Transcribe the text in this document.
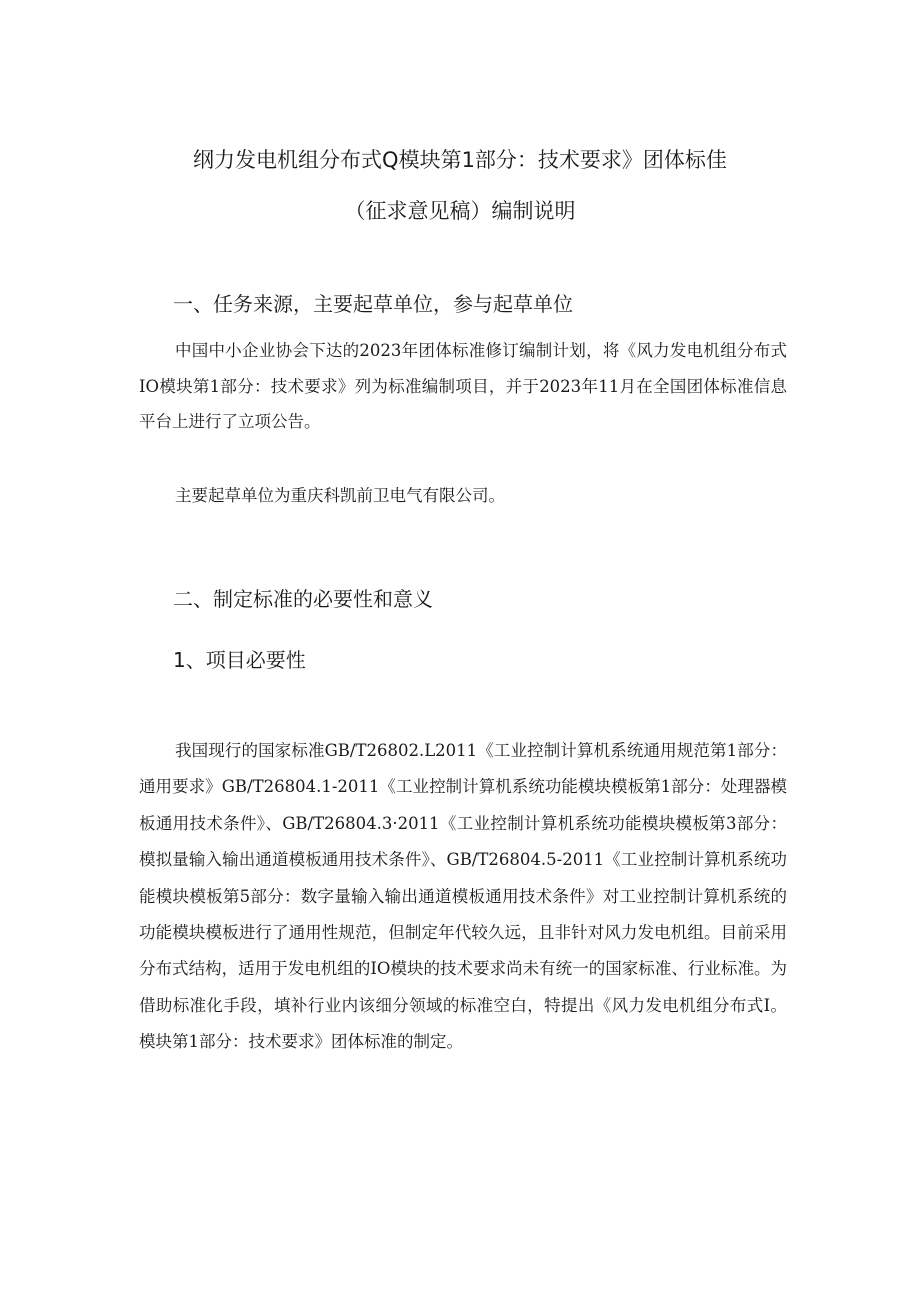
纲力发电机组分布式Q模块第1部分：技术要求》团体标佳
（征求意见稿）编制说明
一、任务来源，主要起草单位，参与起草单位
中国中小企业协会下达的2023年团体标准修订编制计划，将《风力发电机组分布式IO模块第1部分：技术要求》列为标准编制项目，并于2023年11月在全国团体标准信息平台上进行了立项公告。
主要起草单位为重庆科凯前卫电气有限公司。
二、制定标准的必要性和意义
1、项目必要性
我国现行的国家标准GB/T26802.L2011《工业控制计算机系统通用规范第1部分：通用要求》GB/T26804.1-2011《工业控制计算机系统功能模块模板第1部分：处理器模板通用技术条件》、GB/T26804.3·2011《工业控制计算机系统功能模块模板第3部分：模拟量输入输出通道模板通用技术条件》、GB/T26804.5-2011《工业控制计算机系统功能模块模板第5部分：数字量输入输出通道模板通用技术条件》对工业控制计算机系统的功能模块模板进行了通用性规范，但制定年代较久远，且非针对风力发电机组。目前采用分布式结构，适用于发电机组的IO模块的技术要求尚未有统一的国家标准、行业标准。为借助标准化手段，填补行业内该细分领域的标准空白，特提出《风力发电机组分布式I。模块第1部分：技术要求》团体标准的制定。
